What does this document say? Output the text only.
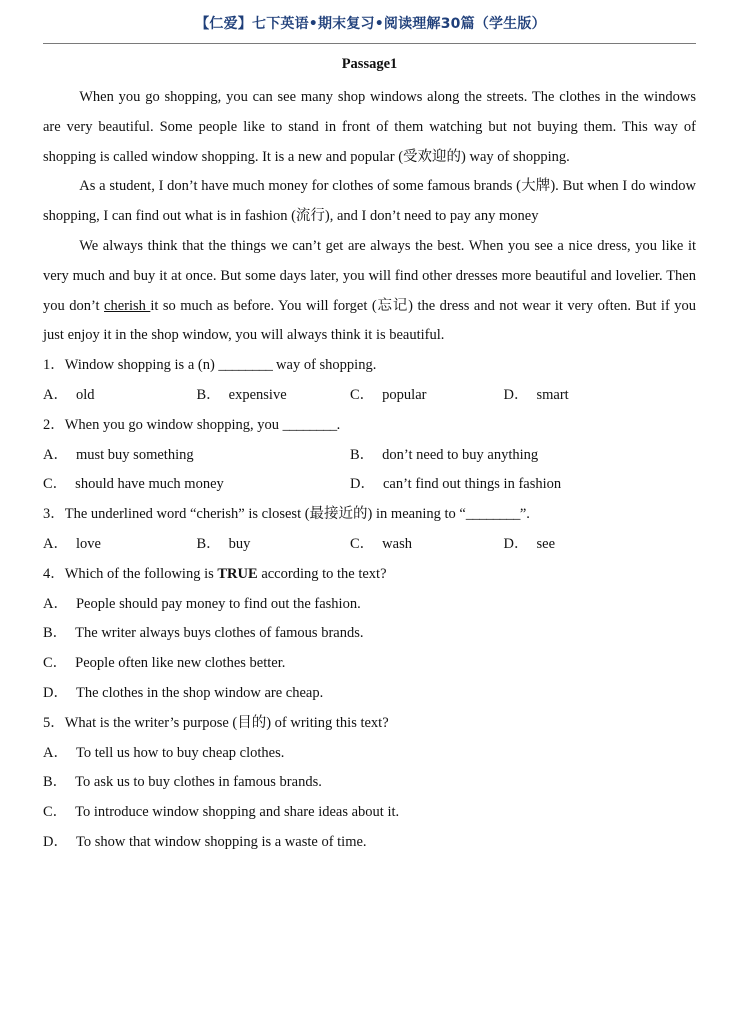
【仁爱】七下英语•期末复习•阅读理解30篇（学生版）
Passage1

When you go shopping, you can see many shop windows along the streets. The clothes in the windows are very beautiful. Some people like to stand in front of them watching but not buying them. This way of shopping is called window shopping. It is a new and popular (受欢迎的) way of shopping.

As a student, I don’t have much money for clothes of some famous brands (大牌). But when I do window shopping, I can find out what is in fashion (流行), and I don’t need to pay any money

We always think that the things we can’t get are always the best. When you see a nice dress, you like it very much and buy it at once. But some days later, you will find other dresses more beautiful and lovelier. Then you don’t cherish it so much as before. You will forget (忘记) the dress and not wear it very often. But if you just enjoy it in the shop window, you will always think it is beautiful.

1．Window shopping is a (n) ________ way of shopping.
A． old	B． expensive	C． popular	D． smart
2．When you go window shopping, you ________.
A． must buy something	B． don’t need to buy anything
C． should have much money	D． can’t find out things in fashion
3．The underlined word “cherish” is closest (最接近的) in meaning to “________”.
A． love	B． buy	C． wash	D． see
4．Which of the following is TRUE according to the text?
A． People should pay money to find out the fashion.
B． The writer always buys clothes of famous brands.
C． People often like new clothes better.
D． The clothes in the shop window are cheap.
5．What is the writer’s purpose (目的) of writing this text?
A． To tell us how to buy cheap clothes.
B． To ask us to buy clothes in famous brands.
C． To introduce window shopping and share ideas about it.
D． To show that window shopping is a waste of time.
